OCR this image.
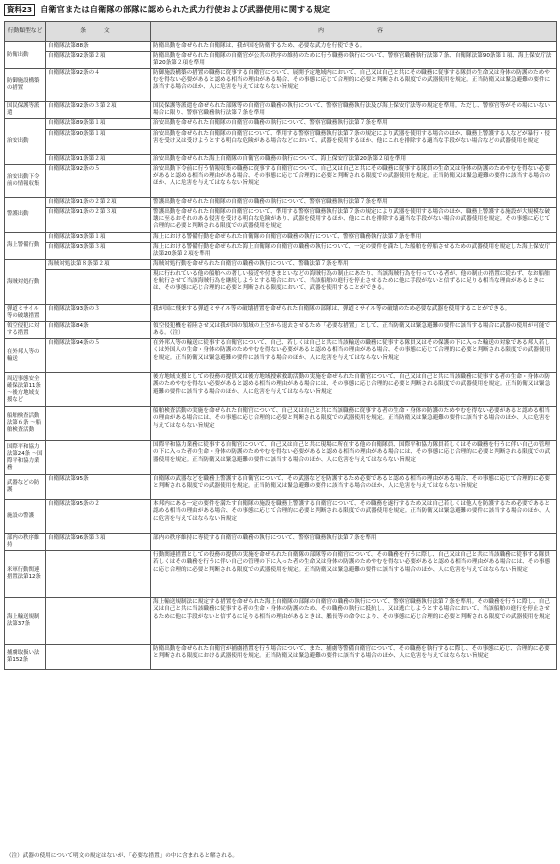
資料23 自衛官または自衛隊の部隊に認められた武力行使および武器使用に関する規定
行動類型など	条　文	内　　　　容

防衛出動	自衛隊法第88条	防衛出動を命ぜられた自衛隊は、我が国を防衛するため、必要な武力を行使できる。
	自衛隊法第92条第２項	防衛出動を命ぜられた自衛隊の自衛官が公共の秩序の維持のために行う職務の執行について、警察官職務執行法第７条、自衛隊法第90条第１項、海上保安庁法第20条第２項を準用
防御施設構築の措置	自衛隊法第92条の４	防御施設構築の措置の職務に従事する自衛官について、展開予定地域内において、自己又は自己と共にその職務に従事する隊員の生命又は身体の防護のためやむを得ない必要があると認める相当の理由がある場合、その事態に応じて合理的に必要と判断される限度での武器使用を規定。正当防衛又は緊急避難の要件に該当する場合のほか、人に危害を与えてはならない旨規定
国民保護等派遣	自衛隊法第92条の３第２項	国民保護等派遣を命ぜられた部隊等の自衛官の職務の執行について、警察官職務執行法及び海上保安庁法等の規定を準用。ただし、警察官等がその場にいない場合に限り、警察官職務執行法第７条を準用
治安出動	自衛隊法第89条第１項	治安出動を命ぜられた自衛隊の自衛官の職務の執行について、警察官職務執行法第７条を準用
	自衛隊法第90条第１項	治安出動を命ぜられた自衛隊の自衛官について、準用する警察官職務執行法第７条の規定により武器を使用する場合のほか、職務上警護する人などが暴行・侵害を受け又は受けようとする明白な危険がある場合などにおいて、武器を使用するほか、他にこれを排除する適当な手段がない場合などの武器使用を規定
	自衛隊法第91条第２項	治安出動を命ぜられた海上自衛隊の自衛官の職務の執行について、海上保安庁法第20条第２項を準用
治安出動下令前の情報収集	自衛隊法第92条の５	治安出動下令前に行う情報収集の職務に従事する自衛官について、自己又は自己と共にその職務に従事する隊員の生命又は身体の防護のためやむを得ない必要があると認める相当の理由がある場合、その事態に応じて合理的に必要と判断される限度での武器使用を規定。正当防衛又は緊急避難の要件に該当する場合のほか、人に危害を与えてはならない旨規定
警護出動	自衛隊法第91条の２第２項	警護出動を命ぜられた自衛隊の自衛官の職務の執行について、警察官職務執行法第７条を準用
	自衛隊法第91条の２第３項	警護出動を命ぜられた自衛隊の自衛官について、準用する警察官職務執行法第７条の規定により武器を使用する場合のほか、職務上警護する施設が大規模な破壊に至るおそれのある侵害を受ける明白な危険があり、武器を使用するほか、他にこれを排除する適当な手段がない場合の武器使用を規定。その事態に応じて合理的に必要と判断される限度での武器使用を規定
海上警備行動	自衛隊法第93条第１項	海上における警備行動を命ぜられた自衛隊の自衛官の職務の執行について、警察官職務執行法第７条を準用
	自衛隊法第93条第３項	海上における警備行動を命ぜられた海上自衛隊の自衛官の職務の執行について、一定の要件を満たした船舶を停船させるための武器使用を規定した海上保安庁法第20条第２項を準用
海賊対処行動	海賊対処法第８条第２項	海賊対処行動を命ぜられた自衛官の職務の執行について、警職法第７条を準用
		現に行われている他の船舶への著しい接近や付きまといなどの海賊行為の制止にあたり、当該海賊行為を行っている者が、他の制止の措置に従わず、なお船舶を航行させて当該海賊行為を継続しようとする場合において、当該船舶の進行を停止させるために他に手段がないと信ずるに足りる相当な理由があるときには、その事態に応じ合理的に必要と判断される限度において、武器を使用することができる。
弾道ミサイル等の破壊措置	自衛隊法第93条の３	我が国に飛来する弾道ミサイル等の破壊措置を命ぜられた自衛隊の部隊は、弾道ミサイル等の破壊のため必要な武器を使用することができる。
領空侵犯に対する措置	自衛隊法第84条	領空侵犯機を着陸させ又は我が国の領域の上空から退去させるため「必要な措置」として、正当防衛又は緊急避難の要件に該当する場合に武器の使用が可能である。（注）
在外邦人等の輸送	自衛隊法第94条の５	在外邦人等の輸送に従事する自衛官について、自己、若しくは自己と共に当該輸送の職務に従事する隊員又はその保護の下に入った輸送の対象である邦人若しくは外国人の生命・身体の防護のためやむを得ない必要があると認める相当の理由がある場合、その事態に応じて合理的に必要と判断される限度での武器使用を規定。正当防衛又は緊急避難の要件に該当する場合のほか、人に危害を与えてはならない旨規定
周辺事態安全確保法第11条 ～後方地域支援など		後方地域支援としての役務の提供又は後方地域捜索救助活動の実施を命ぜられた自衛官について、自己又は自己と共に当該職務に従事する者の生命・身体の防護のためやむを得ない必要があると認める相当の理由がある場合には、その事態に応じ合理的に必要と判断される限度での武器使用を規定。正当防衛又は緊急避難の要件に該当する場合のほか、人に危害を与えてはならない旨規定
船舶検査活動法第６条 ～船舶検査活動		船舶検査活動の実施を命ぜられた自衛官について、自己又は自己と共に当該職務に従事する者の生命・身体の防護のためやむを得ない必要があると認める相当の理由がある場合には、その事態に応じ合理的に必要と判断される限度での武器使用を規定。正当防衛又は緊急避難の要件に該当する場合のほか、人に危害を与えてはならない旨規定
国際平和協力法第24条 ～国際平和協力業務		国際平和協力業務に従事する自衛官について、自己又は自己と共に現場に所在する他の自衛隊員、国際平和協力隊員若しくはその職務を行うに伴い自己の管理の下に入った者の生命・身体の防護のためやむを得ない必要があると認める相当の理由がある場合には、その事態に応じ合理的に必要と判断される限度での武器使用を規定。正当防衛又は緊急避難の要件に該当する場合のほか、人に危害を与えてはならない旨規定
武器などの防護	自衛隊法第95条	自衛隊の武器などを職務上警護する自衛官について、その武器などを防護するため必要であると認める相当の理由がある場合、その事態に応じて合理的に必要と判断される限度での武器使用を規定。正当防衛又は緊急避難の要件に該当する場合のほか、人に危害を与えてはならない旨規定
施設の警護	自衛隊法第95条の２	本邦内にある一定の要件を満たす自衛隊の施設を職務上警護する自衛官について、その職務を遂行するため又は自己若しくは他人を防護するため必要であると認める相当の理由がある場合、その事態に応じて合理的に必要と判断される限度での武器使用を規定。正当防衛又は緊急避難の要件に該当する場合のほか、人に危害を与えてはならない旨規定
部内の秩序維持	自衛隊法第96条第３項	部内の秩序維持に専従する自衛官の職務の執行について、警察官職務執行法第７条を準用
米軍行動関連措置法第12条		行動関連措置としての役務の提供の実施を命ぜられた自衛隊の部隊等の自衛官について、その職務を行うに際し、自己又は自己と共に当該職務に従事する隊員若しくはその職務を行うに伴い自己の管理の下に入った者の生命又は身体の防護のためやむを得ない必要があると認める相当の理由がある場合には、その事態に応じ合理的に必要と判断される限度での武器使用を規定。正当防衛又は緊急避難の要件に該当する場合のほか、人に危害を与えてはならない旨規定
海上輸送規制法第37条		海上輸送規制法に規定する措置を命ぜられた海上自衛隊の部隊の自衛官の職務の執行について、警察官職務執行法第７条を準用。その職務を行うに際し、自己又は自己と共に当該職務に従事する者の生命・身体の防護のため、その職務の執行に抵抗し、又は逃亡しようとする場合において、当該船舶の進行を停止させるために他に手段がないと信ずるに足りる相当の理由があるときは、艦長等の命令により、その事態に応じ合理的に必要と判断される限度での武器使用を規定
捕虜取扱い法第152条		防衛出動を命ぜられた自衛官が捕虜措置を行う場合について、また、捕虜等警備自衛官について、その職務を執行するに際し、その事態に応じ、合理的に必要と判断される限度における武器使用を規定。正当防衛又は緊急避難の要件に該当する場合のほか、人に危害を与えてはならない旨規定
（注）武器の使用について明文の規定はないが、「必要な措置」の中に含まれると解される。
